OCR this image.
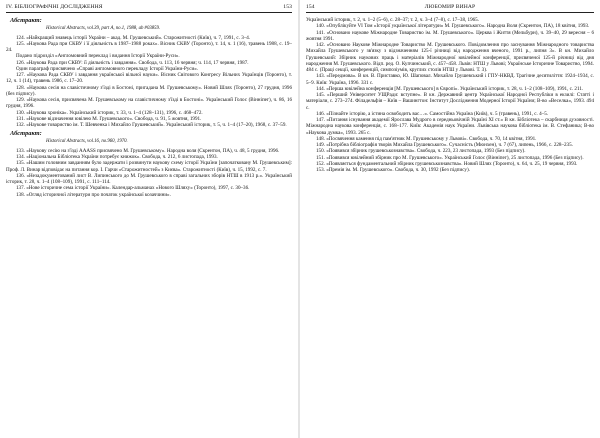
IV. БІБЛІОГРАФІЧНІ ДОСЛІДЖЕННЯ	153
Абстракт:
Historical Abstracts, vol.39, part A, no.1, 1988, ab #03859.

124. «Найкращий знавець історії України – акад. М. Грушевський». Старожитності (Київ), ч. 7, 1991, с. 3–4.

125. «Наукова Рада при СКВУ і її діяльність в 1987–1988 роках». Вісник СКВУ (Торонто), т. 14, ч. 1 (16), травень 1988, с. 19–24.

Подано підрозділ «Англомовний переклад і видання Історії України-Руси».

126. «Наукова Рада при СКВУ: її діяльність і завдання». Свобода, ч. 113, 16 червня; ч. 114, 17 червня, 1987.

Один параграф присвячено «Справі англомовного перекладу Історії України-Руси».

127. «Наукова Рада СКВУ і завдання української вільної науки». Вісник Світового Конгресу Вільних Українців (Торонто), т. 12, ч. 1 (14), травень 1986, с. 17–20.

128. «Наукова сесія на славістичному з'їзді в Бостоні, пригадана М. Грушевському». Новий Шлях (Торонто), 27 грудня, 1996 (без підпису).

129. «Наукова сесія, присвячена М. Грушевському на славістичному з'їзді в Бостоні». Український Голос (Вінніпег), ч. 86, 16 грудня, 1996.

130. «Наукова хроніка». Український історик, т. 33, ч. 1–4 (128–131), 1996, с. 468–472.

131. «Наукове відзначення ювілею М. Грушевського». Свобода, ч. 91, 5 жовтня, 1991.

132. «Наукове товариство ім. Т. Шевченка і Михайло Грушевський». Український історик, т. 5, ч. 1–4 (17–20), 1968, с. 37–59.

Абстракт:
Historical Abstracts, vol.16, no.960, 1970.

133. «Наукову сесію на з'їзді AAASS присвячено М. Грушевському». Народна воля (Скрентон, ПА), ч. 48, 5 грудня, 1996.

134. «Національна Бібліотека України потребує книжок». Свобода, ч. 212, 6 листопада, 1993.

135. «Нашим головним завданням було задержати і розвинути наукову схему історії України [започатковану М. Грушевським]: Проф. Л. Винар відповідає на питання кор. І. Гарчи «Старожитностей» з Києва». Старожитності (Київ), ч. 15, 1992, с. 7.

136. «Незадокументований лист В. Липинського до М. Грушевського в справі загальних зборів НТШ в 1913 р.». Український історик, т. 28, ч. 1–4 (108–109), 1991, с. 111–114.

137. «Нове історичне сема історії України». Календар-альманах «Нового Шляху» (Торонто), 1997, с. 30–36.

138. «Огляд історичної літератури про початок української козаччини».

154	ЛЮБОМИР ВИНАР

Український історик, т. 2, ч. 1–2 (5–6), с. 28–37; т. 2, ч. 3–4 (7–8), с. 17–38, 1965.

140. «Опублікуйте VI Том «Історії української літератури» М. Грушевського». Народна Воля (Скрентон, ПА), 18 квітня, 1993.

141. «Основано наукове Міжнародне Товариство ім. М. Грушевського». Церква і Життя (Мельбурн), ч. 39–40, 29 вересня – 6 жовтня 1991.

142. «Основано Наукове Міжнародне Товариство М. Грушевського. Повідомлення про заснування Міжнародного товариства Михайла Грушевського у зв'язку з відзначенням 125-ї річниці від народження вченого, 1991 р., липня 3». В кн. Михайло Грушевський: Збірник наукових праць і матеріалів Міжнародної ювілейної конференції, присвяченої 125-й річниці від дня народження М. Грушевського. Відп. ред. О. Купчинський, с. 457–458. Львів: НТШ у Львові; Українське Історичне Товариство, 1994. 484 с. (Праці секції, конференцій, симпозіумів, круглих столів НТШ у Львові. Т. 3).

143. «Передмова». В кн. В. Приставко, Ю. Шаповал. Михайло Грушевський і ГПУ-НКВД. Трагічне десятиліття: 1924–1934, с. 5–9. Київ: Україна, 1996. 331 с.

144. «Перша ювілейна конференція [М. Грушевського] в Європі». Український історик, т. 28, ч. 1–2 (108–109), 1991, с. 211.

145. «Перший Університет УЩРади: вступне». В кн. Державний центр Української Народної Республіки в екзилі: Статті і матеріали, с. 273–274. Філадельфія – Київ – Вашингтон: Інститут Дослідження Модерної Історії України; В-во «Веселка», 1993. 494 с.

146. «Пізнайте історію, а істина освободить вас…». Самостійна Україна (Київ), ч. 5 (травень), 1991, с. 4–5.

147. «Питання існування академії Ярослава Мудрого в середньовічній Україні XI ст.» В кн. Бібліотека – скарбниця духовності. Міжнародна наукова конференція, с. 168–177. Київ: Академія наук України. Львівська наукова бібліотека ім. В. Стефаника; В-во «Наукова думка», 1993. 265 с.

148. «Посвячення камення під пам'ятник М. Грушевському у Львові». Свобода, ч. 70, 14 квітня, 1991.

149. «Потрібна бібліографія творів Михайла Грушевського». Сучасність (Мюнхен), ч. 7 (67), липень, 1966, с. 228–235.

150. «Появився збірник грушевськознавства». Свобода, ч. 223, 23 листопада, 1993 (Без підпису).

151. «Появився ювілейний збірник про М. Грушевського». Український Голос (Вінніпег), 25 листопада, 1996 (Без підпису).

152. «Появляється фундаментальний збірник грушевськознавства». Новий Шлях (Торонто), ч. 64, ч. 25, 19 червня, 1993.

153. «Премія ім. М. Грушевського». Свобода, ч. 30, 1992 (Без підпису).
